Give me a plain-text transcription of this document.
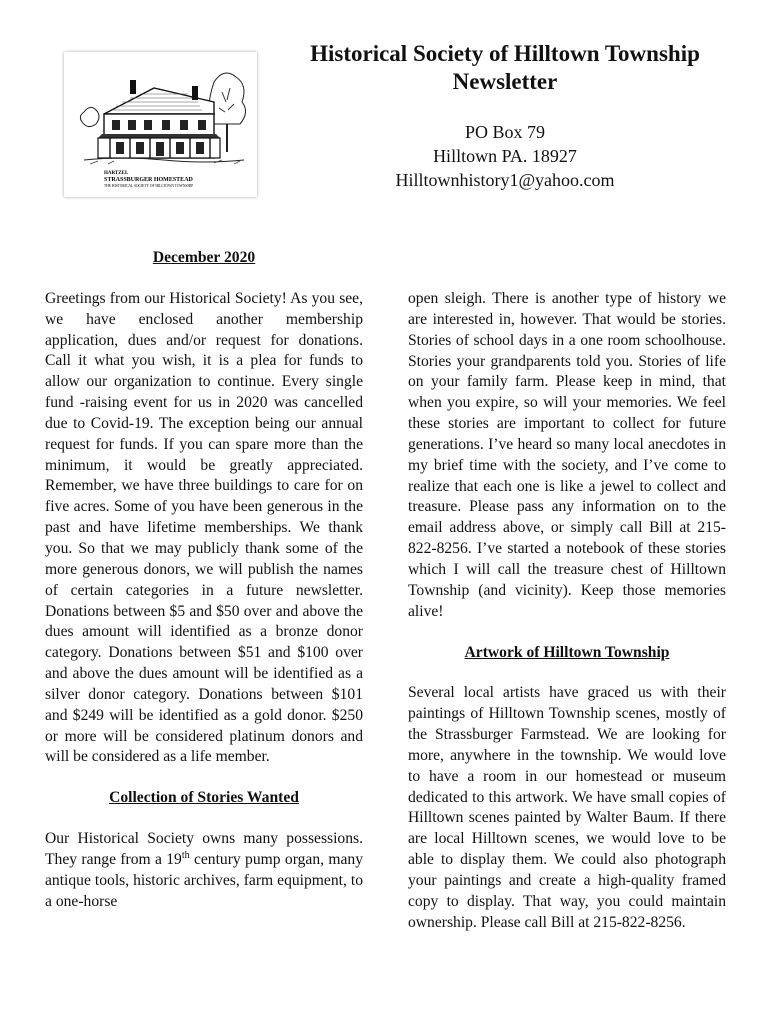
HARTZEL
STRASSBURGER HOMESTEAD
THE HISTORICAL SOCIETY OF HILLTOWN TOWNSHIP
Historical Society of Hilltown Township
Newsletter
PO Box 79
Hilltown PA. 18927
Hilltownhistory1@yahoo.com
December 2020

Greetings from our Historical Society! As you see, we have enclosed another membership application, dues and/or request for donations. Call it what you wish, it is a plea for funds to allow our organization to continue. Every single fund -raising event for us in 2020 was cancelled due to Covid-19. The exception being our annual request for funds. If you can spare more than the minimum, it would be greatly appreciated. Remember, we have three buildings to care for on five acres. Some of you have been generous in the past and have lifetime memberships. We thank you. So that we may publicly thank some of the more generous donors, we will publish the names of certain categories in a future newsletter. Donations between $5 and $50 over and above the dues amount will identified as a bronze donor category. Donations between $51 and $100 over and above the dues amount will be identified as a silver donor category. Donations between $101 and $249 will be identified as a gold donor. $250 or more will be considered platinum donors and will be considered as a life member.

Collection of Stories Wanted

Our Historical Society owns many possessions. They range from a 19th century pump organ, many antique tools, historic archives, farm equipment, to a one-horse

open sleigh. There is another type of history we are interested in, however. That would be stories. Stories of school days in a one room schoolhouse. Stories your grandparents told you. Stories of life on your family farm. Please keep in mind, that when you expire, so will your memories. We feel these stories are important to collect for future generations. I’ve heard so many local anecdotes in my brief time with the society, and I’ve come to realize that each one is like a jewel to collect and treasure. Please pass any information on to the email address above, or simply call Bill at 215-822-8256. I’ve started a notebook of these stories which I will call the treasure chest of Hilltown Township (and vicinity). Keep those memories alive!

Artwork of Hilltown Township

Several local artists have graced us with their paintings of Hilltown Township scenes, mostly of the Strassburger Farmstead. We are looking for more, anywhere in the township. We would love to have a room in our homestead or museum dedicated to this artwork. We have small copies of Hilltown scenes painted by Walter Baum. If there are local Hilltown scenes, we would love to be able to display them. We could also photograph your paintings and create a high-quality framed copy to display. That way, you could maintain ownership. Please call Bill at 215-822-8256.
